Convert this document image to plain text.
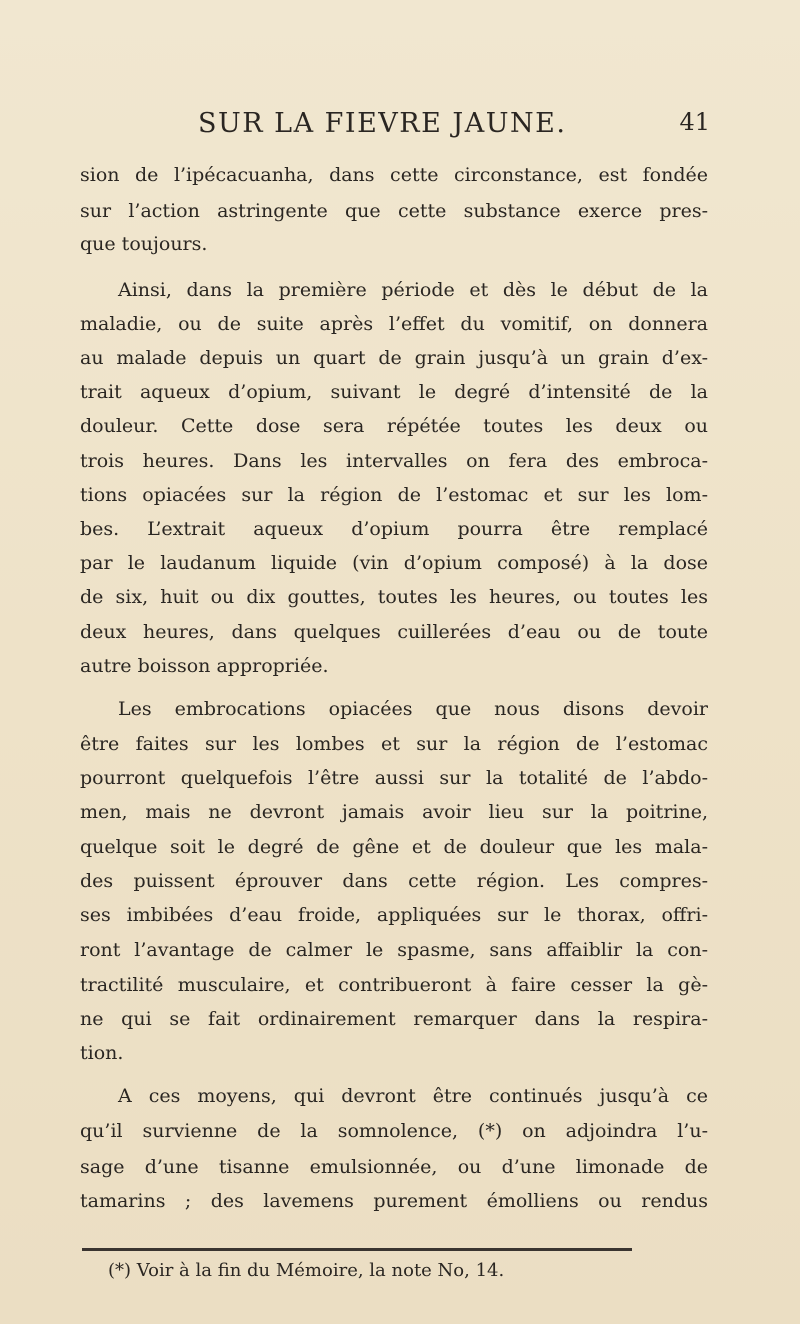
SUR LA FIEVRE JAUNE.	41
sion de l’ipécacuanha, dans cette circonstance, est fondée
sur l’action astringente que cette substance exerce pres-
que toujours.
Ainsi, dans la première période et dès le début de la
maladie, ou de suite après l’effet du vomitif, on donnera
au malade depuis un quart de grain jusqu’à un grain d’ex-
trait aqueux d’opium, suivant le degré d’intensité de la
douleur. Cette dose sera répétée toutes les deux ou
trois heures. Dans les intervalles on fera des embroca-
tions opiacées sur la région de l’estomac et sur les lom-
bes. L’extrait aqueux d’opium pourra être remplacé
par le laudanum liquide (vin d’opium composé) à la dose
de six, huit ou dix gouttes, toutes les heures, ou toutes les
deux heures, dans quelques cuillerées d’eau ou de toute
autre boisson appropriée.
Les embrocations opiacées que nous disons devoir
être faites sur les lombes et sur la région de l’estomac
pourront quelquefois l’être aussi sur la totalité de l’abdo-
men, mais ne devront jamais avoir lieu sur la poitrine,
quelque soit le degré de gêne et de douleur que les mala-
des puissent éprouver dans cette région. Les compres-
ses imbibées d’eau froide, appliquées sur le thorax, offri-
ront l’avantage de calmer le spasme, sans affaiblir la con-
tractilité musculaire, et contribueront à faire cesser la gè-
ne qui se fait ordinairement remarquer dans la respira-
tion.
A ces moyens, qui devront être continués jusqu’à ce
qu’il survienne de la somnolence, (*) on adjoindra l’u-
sage d’une tisanne emulsionnée, ou d’une limonade de
tamarins ; des lavemens purement émolliens ou rendus
(*) Voir à la fin du Mémoire, la note No, 14.
